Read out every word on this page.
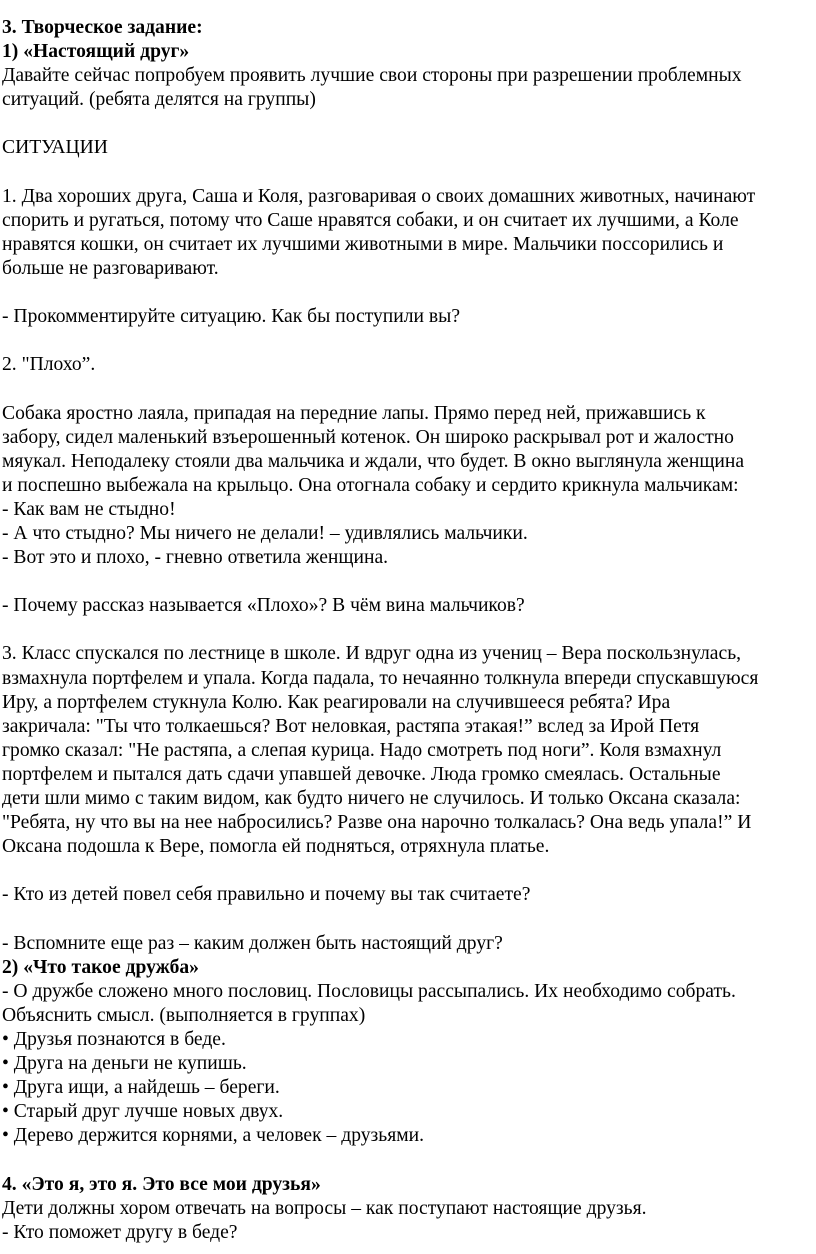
3. Творческое задание:
1) «Настоящий друг»
Давайте сейчас попробуем проявить лучшие свои стороны при разрешении проблемных
ситуаций. (ребята делятся на группы)
СИТУАЦИИ
1. Два хороших друга, Саша и Коля, разговаривая о своих домашних животных, начинают
спорить и ругаться, потому что Саше нравятся собаки, и он считает их лучшими, а Коле
нравятся кошки, он считает их лучшими животными в мире. Мальчики поссорились и
больше не разговаривают.
- Прокомментируйте ситуацию. Как бы поступили вы?
2. "Плохо”.
Собака яростно лаяла, припадая на передние лапы. Прямо перед ней, прижавшись к
забору, сидел маленький взъерошенный котенок. Он широко раскрывал рот и жалостно
мяукал. Неподалеку стояли два мальчика и ждали, что будет. В окно выглянула женщина
и поспешно выбежала на крыльцо. Она отогнала собаку и сердито крикнула мальчикам:
- Как вам не стыдно!
- А что стыдно? Мы ничего не делали! – удивлялись мальчики.
- Вот это и плохо, - гневно ответила женщина.
- Почему рассказ называется «Плохо»? В чём вина мальчиков?
3. Класс спускался по лестнице в школе. И вдруг одна из учениц – Вера поскользнулась,
взмахнула портфелем и упала. Когда падала, то нечаянно толкнула впереди спускавшуюся
Иру, а портфелем стукнула Колю. Как реагировали на случившееся ребята? Ира
закричала: "Ты что толкаешься? Вот неловкая, растяпа этакая!” вслед за Ирой Петя
громко сказал: "Не растяпа, а слепая курица. Надо смотреть под ноги”. Коля взмахнул
портфелем и пытался дать сдачи упавшей девочке. Люда громко смеялась. Остальные
дети шли мимо с таким видом, как будто ничего не случилось. И только Оксана сказала:
"Ребята, ну что вы на нее набросились? Разве она нарочно толкалась? Она ведь упала!” И
Оксана подошла к Вере, помогла ей подняться, отряхнула платье.
- Кто из детей повел себя правильно и почему вы так считаете?
- Вспомните еще раз – каким должен быть настоящий друг?
2) «Что такое дружба»
- О дружбе сложено много пословиц. Пословицы рассыпались. Их необходимо собрать.
Объяснить смысл. (выполняется в группах)
• Друзья познаются в беде.
• Друга на деньги не купишь.
• Друга ищи, а найдешь – береги.
• Старый друг лучше новых двух.
• Дерево держится корнями, а человек – друзьями.
4. «Это я, это я. Это все мои друзья»
Дети должны хором отвечать на вопросы – как поступают настоящие друзья.
- Кто поможет другу в беде?
